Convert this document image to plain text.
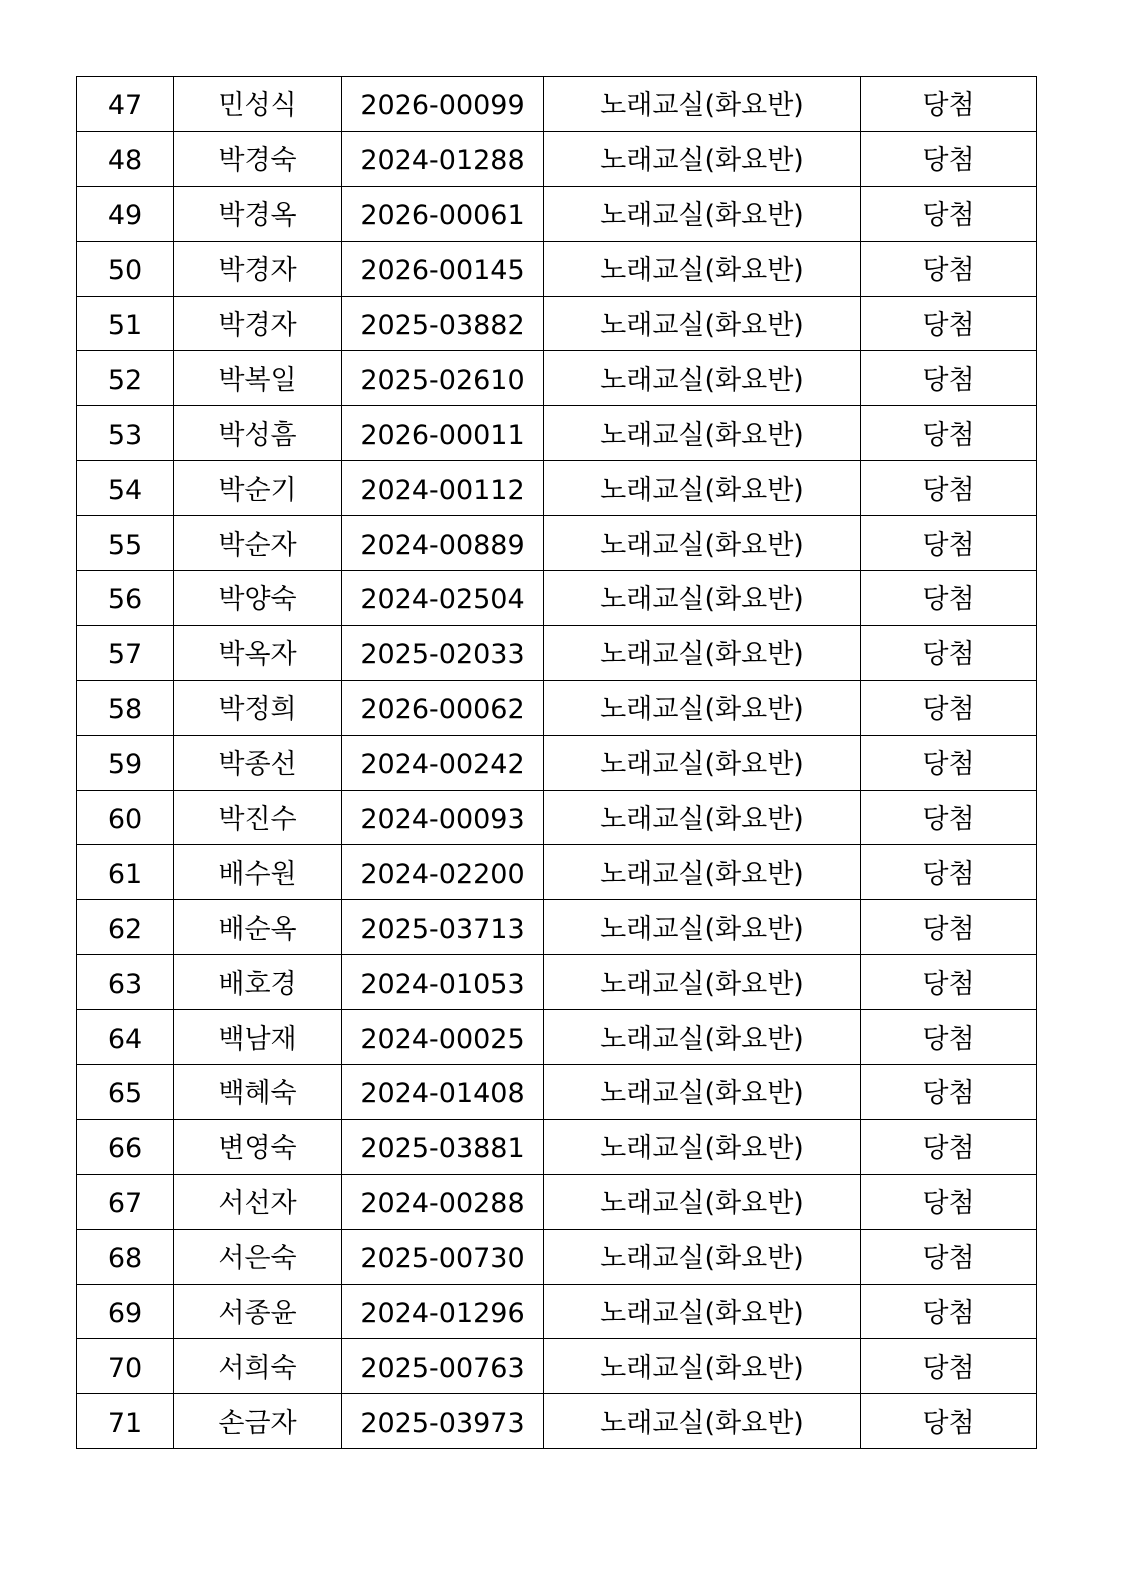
47	민성식	2026-00099	노래교실(화요반)	당첨
48	박경숙	2024-01288	노래교실(화요반)	당첨
49	박경옥	2026-00061	노래교실(화요반)	당첨
50	박경자	2026-00145	노래교실(화요반)	당첨
51	박경자	2025-03882	노래교실(화요반)	당첨
52	박복일	2025-02610	노래교실(화요반)	당첨
53	박성흠	2026-00011	노래교실(화요반)	당첨
54	박순기	2024-00112	노래교실(화요반)	당첨
55	박순자	2024-00889	노래교실(화요반)	당첨
56	박양숙	2024-02504	노래교실(화요반)	당첨
57	박옥자	2025-02033	노래교실(화요반)	당첨
58	박정희	2026-00062	노래교실(화요반)	당첨
59	박종선	2024-00242	노래교실(화요반)	당첨
60	박진수	2024-00093	노래교실(화요반)	당첨
61	배수원	2024-02200	노래교실(화요반)	당첨
62	배순옥	2025-03713	노래교실(화요반)	당첨
63	배호경	2024-01053	노래교실(화요반)	당첨
64	백남재	2024-00025	노래교실(화요반)	당첨
65	백혜숙	2024-01408	노래교실(화요반)	당첨
66	변영숙	2025-03881	노래교실(화요반)	당첨
67	서선자	2024-00288	노래교실(화요반)	당첨
68	서은숙	2025-00730	노래교실(화요반)	당첨
69	서종윤	2024-01296	노래교실(화요반)	당첨
70	서희숙	2025-00763	노래교실(화요반)	당첨
71	손금자	2025-03973	노래교실(화요반)	당첨
